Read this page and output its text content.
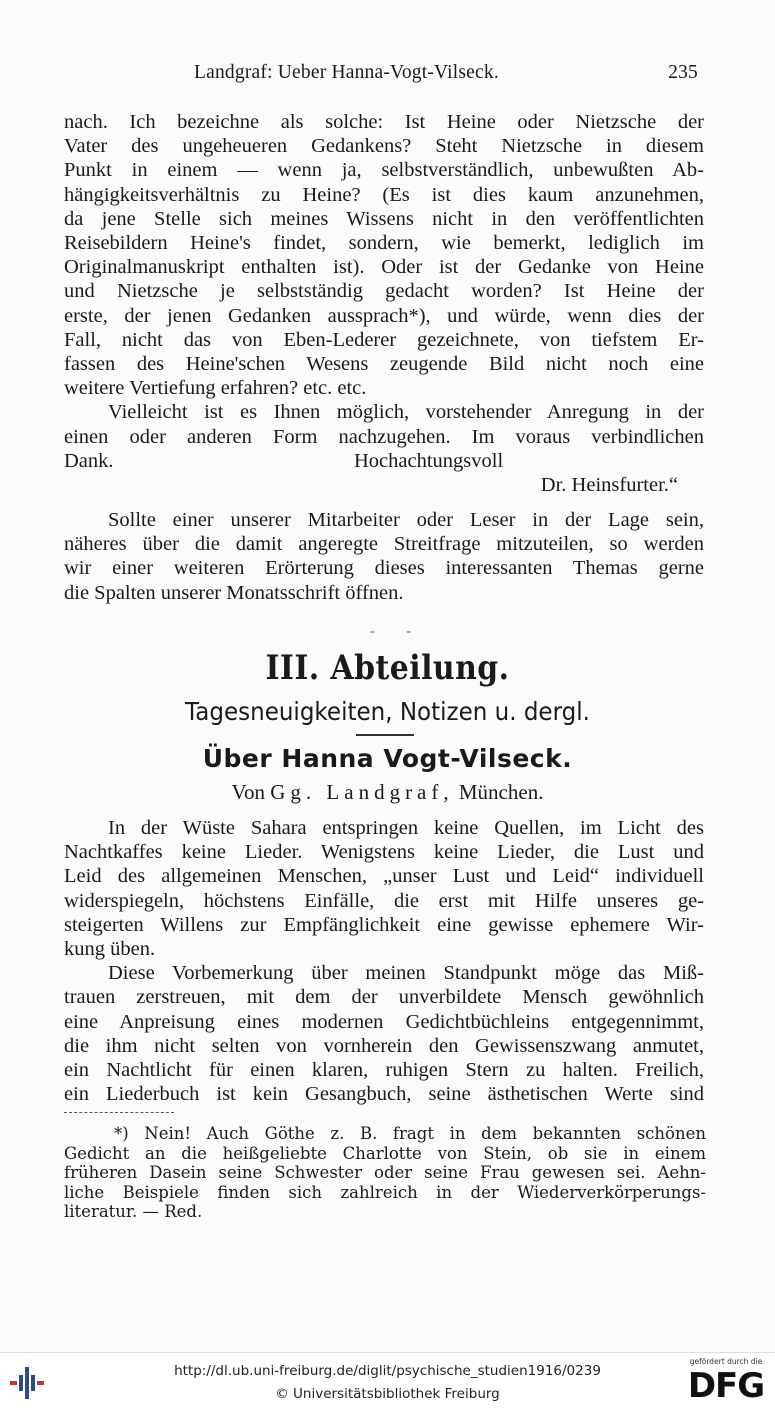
Landgraf: Ueber Hanna-Vogt-Vilseck.	235

nach. Ich bezeichne als solche: Ist Heine oder Nietzsche der
Vater des ungeheueren Gedankens? Steht Nietzsche in diesem
Punkt in einem — wenn ja, selbstverständlich, unbewußten Ab-
hängigkeitsverhältnis zu Heine? (Es ist dies kaum anzunehmen,
da jene Stelle sich meines Wissens nicht in den veröffentlichten
Reisebildern Heine's findet, sondern, wie bemerkt, lediglich im
Originalmanuskript enthalten ist). Oder ist der Gedanke von Heine
und Nietzsche je selbstständig gedacht worden? Ist Heine der
erste, der jenen Gedanken aussprach*), und würde, wenn dies der
Fall, nicht das von Eben-Lederer gezeichnete, von tiefstem Er-
fassen des Heine'schen Wesens zeugende Bild nicht noch eine
weitere Vertiefung erfahren? etc. etc.

Vielleicht ist es Ihnen möglich, vorstehender Anregung in der
einen oder anderen Form nachzugehen. Im voraus verbindlichen

Dank.	Hochachtungsvoll
Dr. Heinsfurter.“

Sollte einer unserer Mitarbeiter oder Leser in der Lage sein,
näheres über die damit angeregte Streitfrage mitzuteilen, so werden
wir einer weiteren Erörterung dieses interessanten Themas gerne
die Spalten unserer Monatsschrift öffnen.

- -
III. Abteilung.
Tagesneuigkeiten, Notizen u. dergl.
Über Hanna Vogt-Vilseck.
Von Gg. Landgraf, München.

In der Wüste Sahara entspringen keine Quellen, im Licht des
Nachtkaffes keine Lieder. Wenigstens keine Lieder, die Lust und
Leid des allgemeinen Menschen, „unser Lust und Leid“ individuell
widerspiegeln, höchstens Einfälle, die erst mit Hilfe unseres ge-
steigerten Willens zur Empfänglichkeit eine gewisse ephemere Wir-
kung üben.

Diese Vorbemerkung über meinen Standpunkt möge das Miß-
trauen zerstreuen, mit dem der unverbildete Mensch gewöhnlich
eine Anpreisung eines modernen Gedichtbüchleins entgegennimmt,
die ihm nicht selten von vornherein den Gewissenszwang anmutet,
ein Nachtlicht für einen klaren, ruhigen Stern zu halten. Freilich,
ein Liederbuch ist kein Gesangbuch, seine ästhetischen Werte sind

*) Nein! Auch Göthe z. B. fragt in dem bekannten schönen
Gedicht an die heißgeliebte Charlotte von Stein, ob sie in einem
früheren Dasein seine Schwester oder seine Frau gewesen sei. Aehn-
liche Beispiele finden sich zahlreich in der Wiederverkörperungs-
literatur. — Red.

http://dl.ub.uni-freiburg.de/diglit/psychische_studien1916/0239
© Universitätsbibliothek Freiburg
gefördert durch die
DFG
